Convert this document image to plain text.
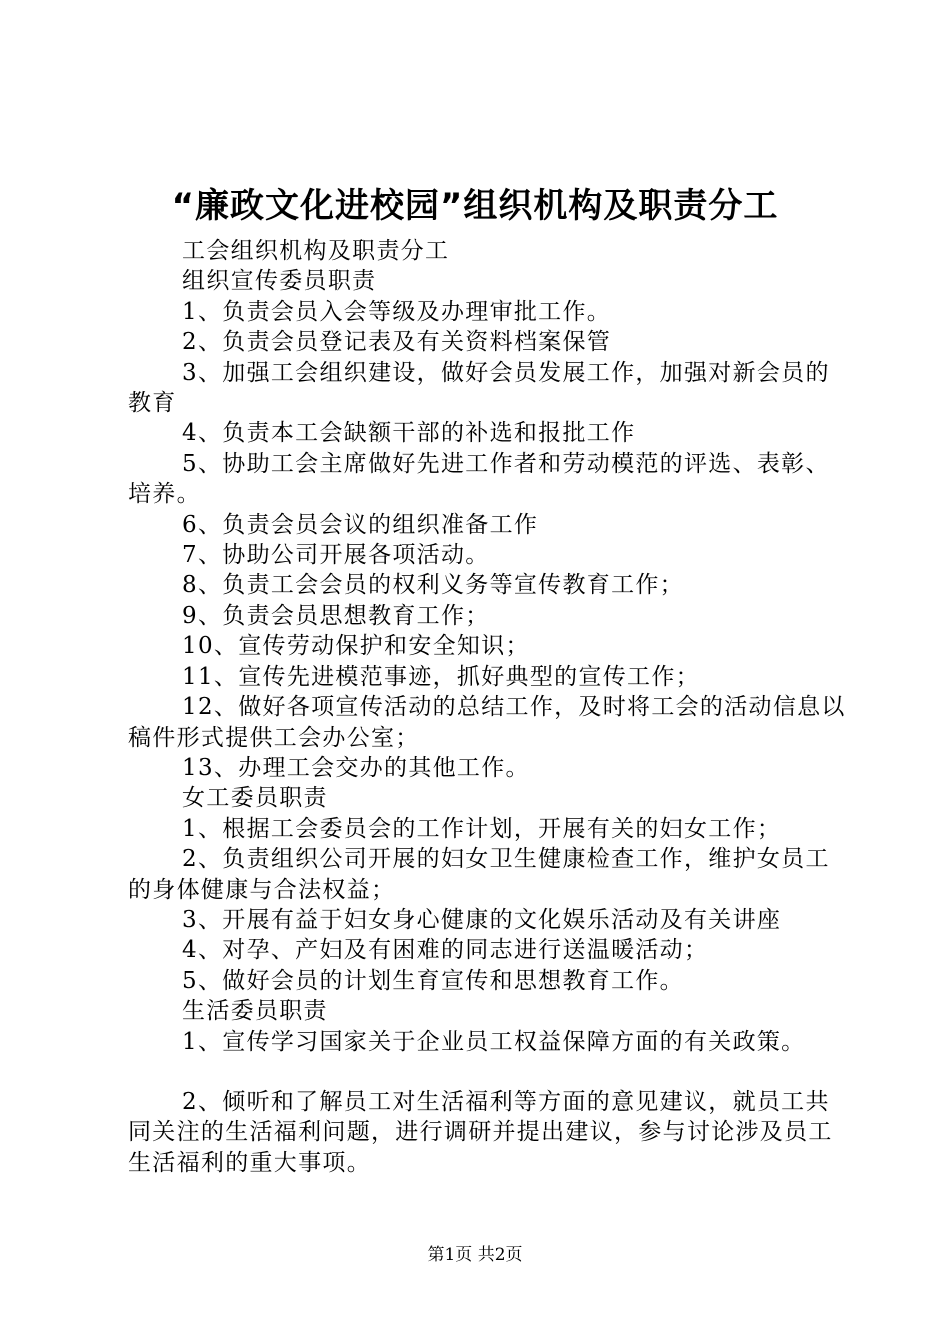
“廉政文化进校园”组织机构及职责分工

工会组织机构及职责分工

组织宣传委员职责

1、负责会员入会等级及办理审批工作。

2、负责会员登记表及有关资料档案保管

3、加强工会组织建设，做好会员发展工作，加强对新会员的教育

4、负责本工会缺额干部的补选和报批工作

5、协助工会主席做好先进工作者和劳动模范的评选、表彰、培养。

6、负责会员会议的组织准备工作

7、协助公司开展各项活动。

8、负责工会会员的权利义务等宣传教育工作；

9、负责会员思想教育工作；

10、宣传劳动保护和安全知识；

11、宣传先进模范事迹，抓好典型的宣传工作；

12、做好各项宣传活动的总结工作，及时将工会的活动信息以稿件形式提供工会办公室；

13、办理工会交办的其他工作。

女工委员职责

1、根据工会委员会的工作计划，开展有关的妇女工作；

2、负责组织公司开展的妇女卫生健康检查工作，维护女员工的身体健康与合法权益；

3、开展有益于妇女身心健康的文化娱乐活动及有关讲座

4、对孕、产妇及有困难的同志进行送温暖活动；

5、做好会员的计划生育宣传和思想教育工作。

生活委员职责

1、宣传学习国家关于企业员工权益保障方面的有关政策。

2、倾听和了解员工对生活福利等方面的意见建议，就员工共同关注的生活福利问题，进行调研并提出建议，参与讨论涉及员工生活福利的重大事项。

第1页 共2页
